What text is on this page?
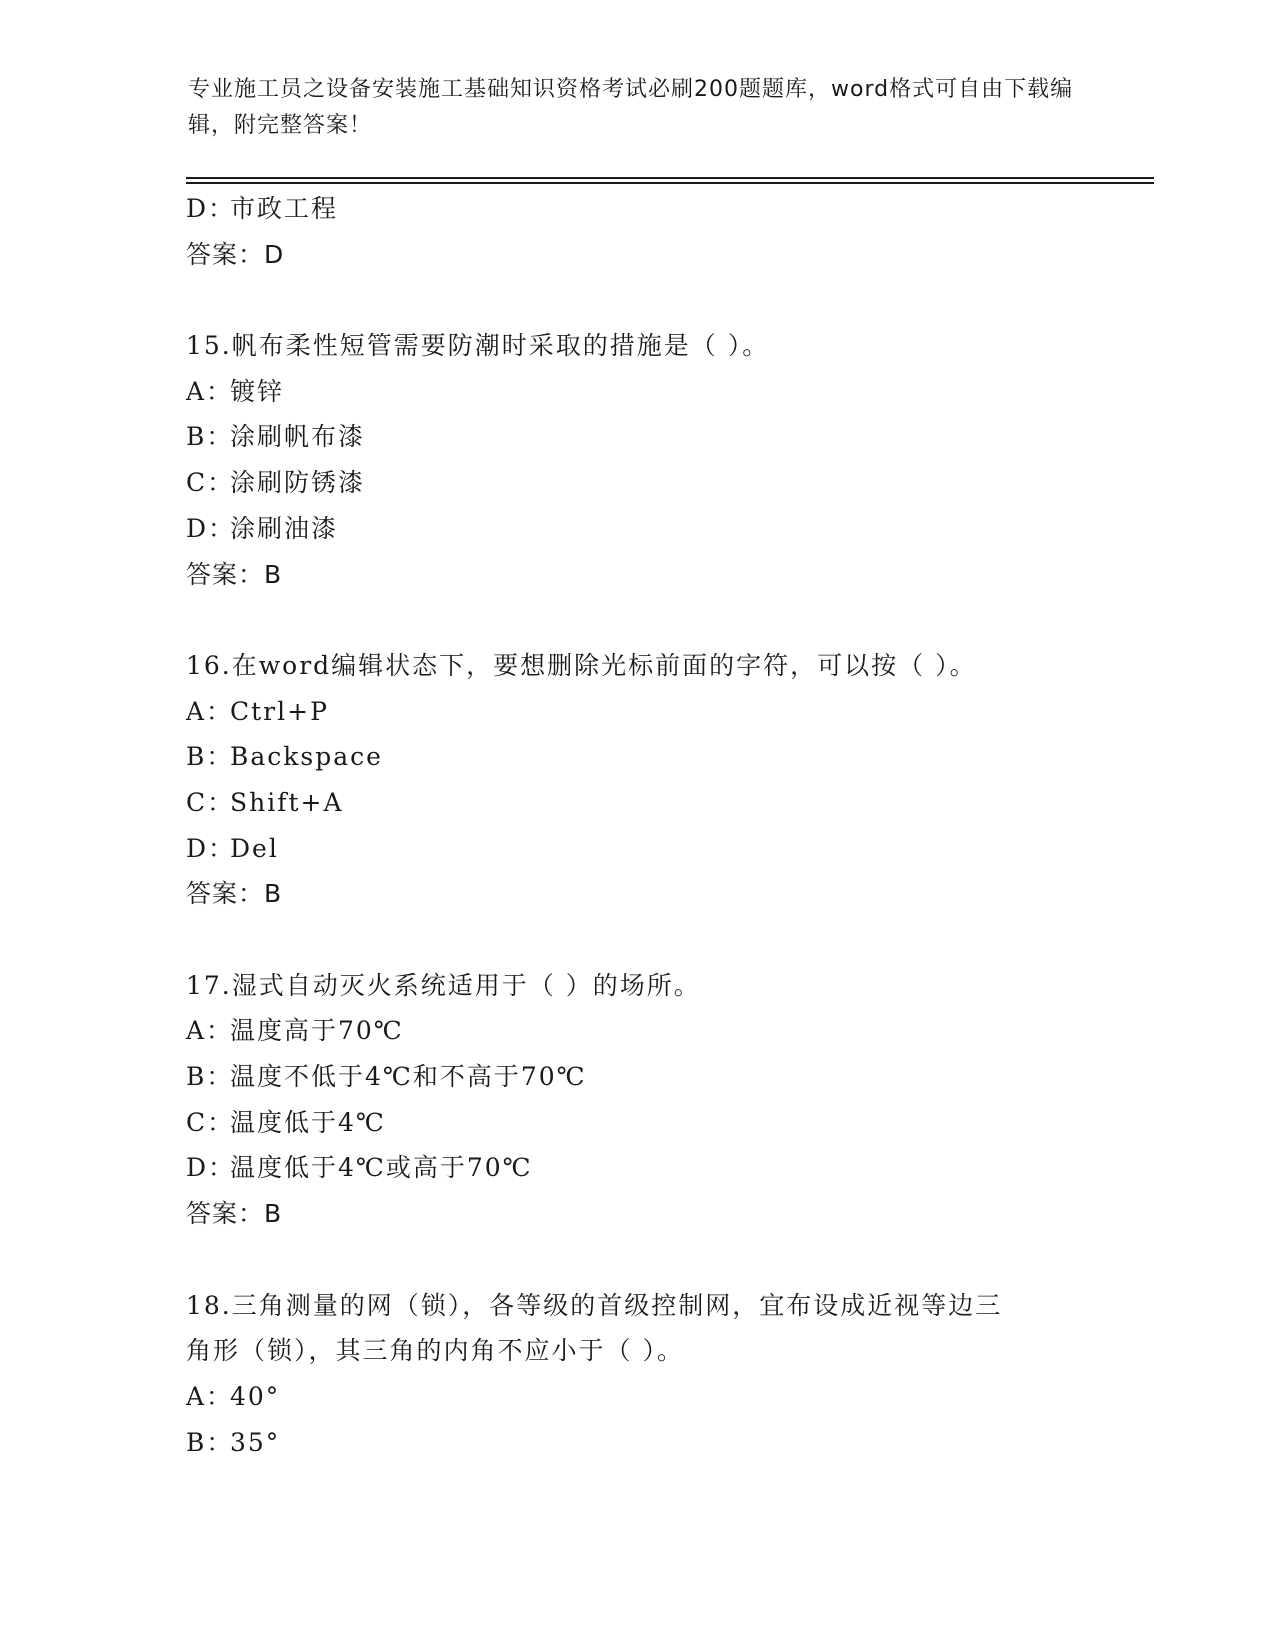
专业施工员之设备安装施工基础知识资格考试必刷200题题库，word格式可自由下载编辑，附完整答案！
D：市政工程
答案：D
15.帆布柔性短管需要防潮时采取的措施是（ ）。
A：镀锌
B：涂刷帆布漆
C：涂刷防锈漆
D：涂刷油漆
答案：B
16.在word编辑状态下，要想删除光标前面的字符，可以按（ ）。
A：Ctrl+P
B：Backspace
C：Shift+A
D：Del
答案：B
17.湿式自动灭火系统适用于（ ）的场所。
A：温度高于70℃
B：温度不低于4℃和不高于70℃
C：温度低于4℃
D：温度低于4℃或高于70℃
答案：B
18.三角测量的网（锁），各等级的首级控制网，宜布设成近视等边三
角形（锁），其三角的内角不应小于（ ）。
A：40°
B：35°
